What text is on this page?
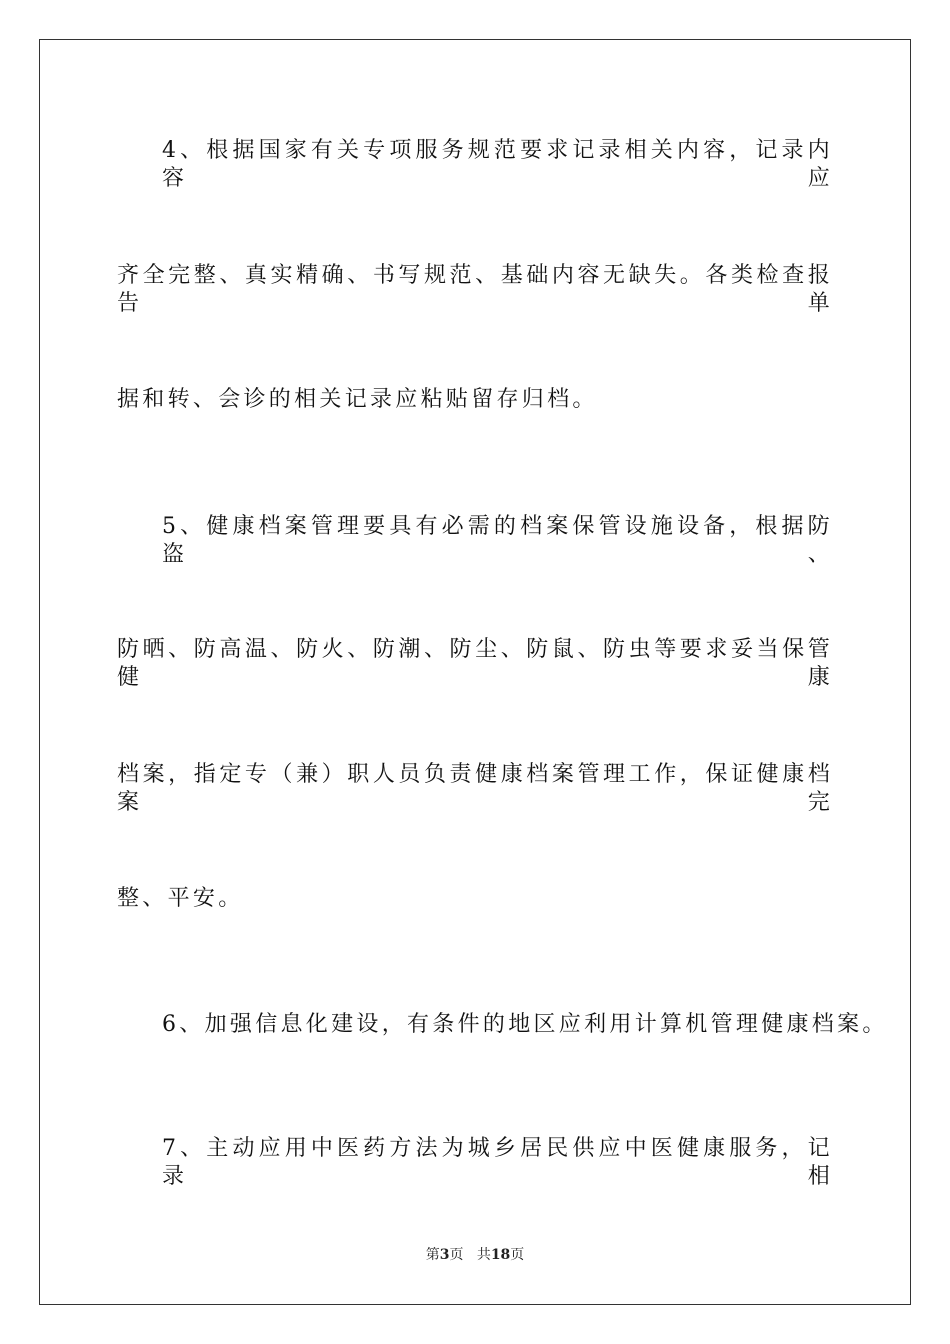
4、根据国家有关专项服务规范要求记录相关内容，记录内容应
齐全完整、真实精确、书写规范、基础内容无缺失。各类检查报告单
据和转、会诊的相关记录应粘贴留存归档。
5、健康档案管理要具有必需的档案保管设施设备，根据防盗、
防晒、防高温、防火、防潮、防尘、防鼠、防虫等要求妥当保管健康
档案，指定专（兼）职人员负责健康档案管理工作，保证健康档案完
整、平安。
6、加强信息化建设，有条件的地区应利用计算机管理健康档案。
7、主动应用中医药方法为城乡居民供应中医健康服务，记录相
第3页 共18页
